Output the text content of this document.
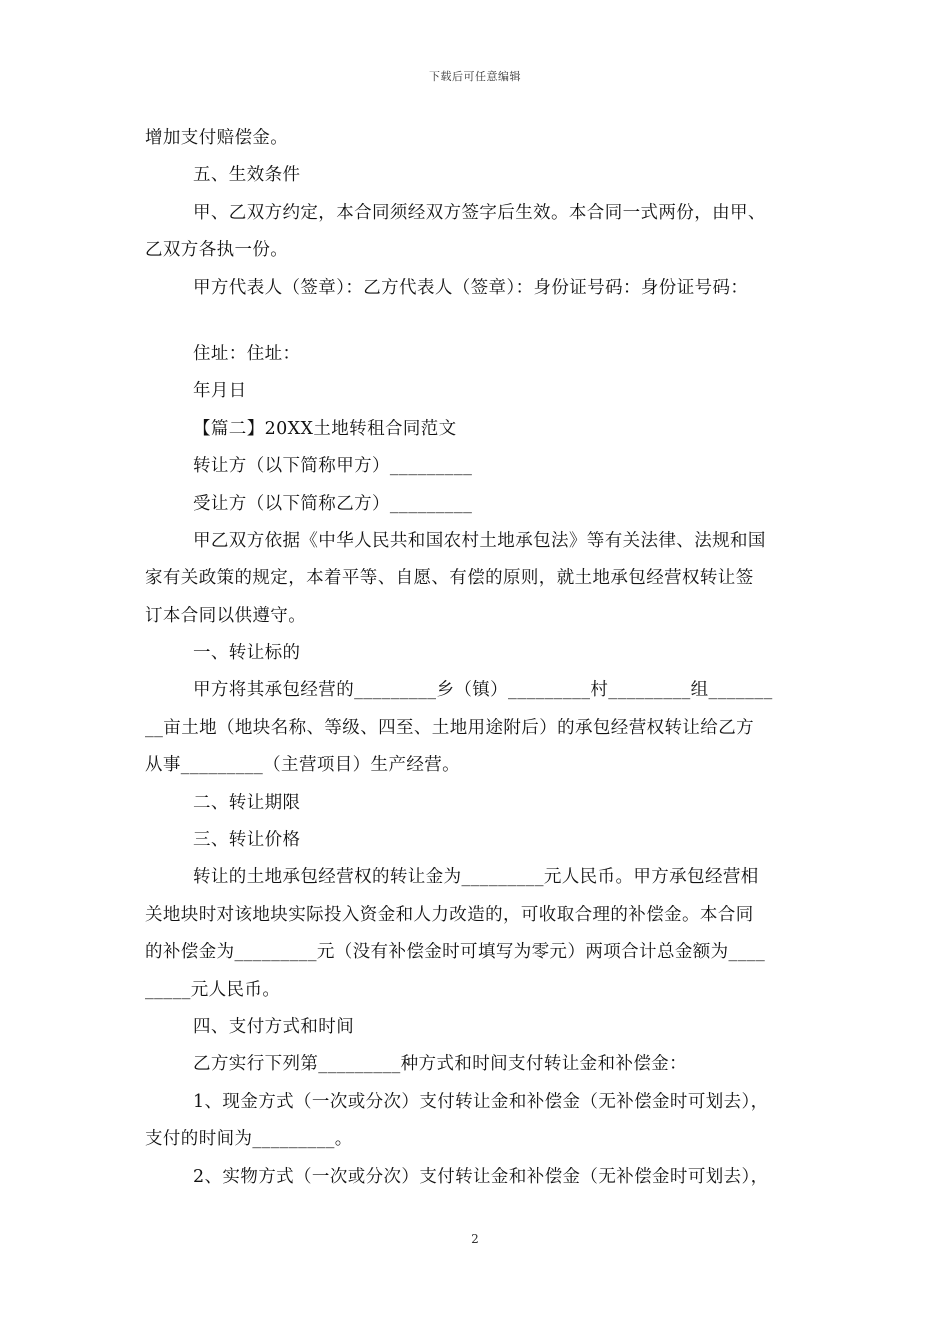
下载后可任意编辑
增加支付赔偿金。
五、生效条件
甲、乙双方约定，本合同须经双方签字后生效。本合同一式两份，由甲、
乙双方各执一份。
甲方代表人（签章）：乙方代表人（签章）：身份证号码：身份证号码：
住址：住址：
年月日
【篇二】20XX土地转租合同范文
转让方（以下简称甲方）_________
受让方（以下简称乙方）_________
甲乙双方依据《中华人民共和国农村土地承包法》等有关法律、法规和国
家有关政策的规定，本着平等、自愿、有偿的原则，就土地承包经营权转让签
订本合同以供遵守。
一、转让标的
甲方将其承包经营的_________乡（镇）_________村_________组_______
__亩土地（地块名称、等级、四至、土地用途附后）的承包经营权转让给乙方
从事_________（主营项目）生产经营。
二、转让期限
三、转让价格
转让的土地承包经营权的转让金为_________元人民币。甲方承包经营相
关地块时对该地块实际投入资金和人力改造的，可收取合理的补偿金。本合同
的补偿金为_________元（没有补偿金时可填写为零元）两项合计总金额为____
_____元人民币。
四、支付方式和时间
乙方实行下列第_________种方式和时间支付转让金和补偿金：
1、现金方式（一次或分次）支付转让金和补偿金（无补偿金时可划去），
支付的时间为_________。
2、实物方式（一次或分次）支付转让金和补偿金（无补偿金时可划去），
2
